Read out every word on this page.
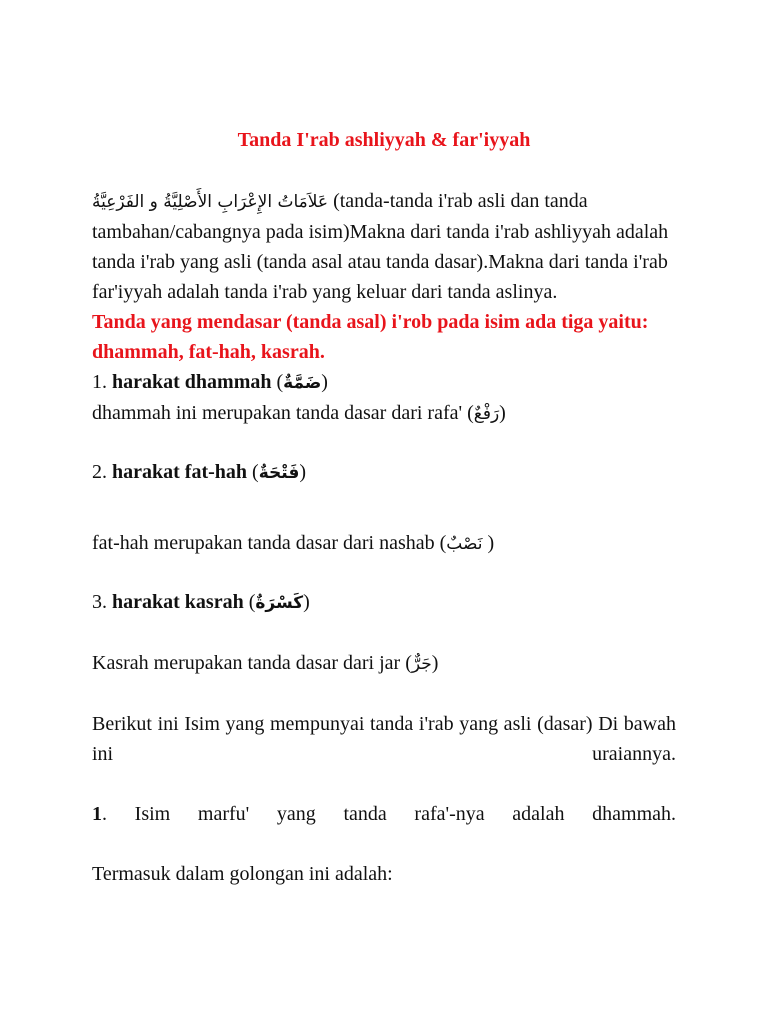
Tanda I'rab ashliyyah & far'iyyah

عَلاَمَاتُ الإِعْرَابِ الأَصْلِيَّةُ و الفَرْعِيَّةُ (tanda-tanda i'rab asli dan tanda tambahan/cabangnya pada isim)Makna dari tanda i'rab ashliyyah adalah tanda i'rab yang asli (tanda asal atau tanda dasar).Makna dari tanda i'rab far'iyyah adalah tanda i'rab yang keluar dari tanda aslinya.

Tanda yang mendasar (tanda asal) i'rob pada isim ada tiga yaitu: dhammah, fat-hah, kasrah.

1. harakat dhammah (ضَمَّةٌ)

dhammah ini merupakan tanda dasar dari rafa' (رَفْعٌ)

2. harakat fat-hah (فَتْحَةٌ)

fat-hah merupakan tanda dasar dari nashab (نَصْبٌ )

3. harakat kasrah (كَسْرَةٌ)

Kasrah merupakan tanda dasar dari jar (جَرٌّ)

Berikut ini Isim yang mempunyai tanda i'rab yang asli (dasar) Di bawah ini uraiannya.

1. Isim marfu' yang tanda rafa'-nya adalah dhammah.

Termasuk dalam golongan ini adalah:
